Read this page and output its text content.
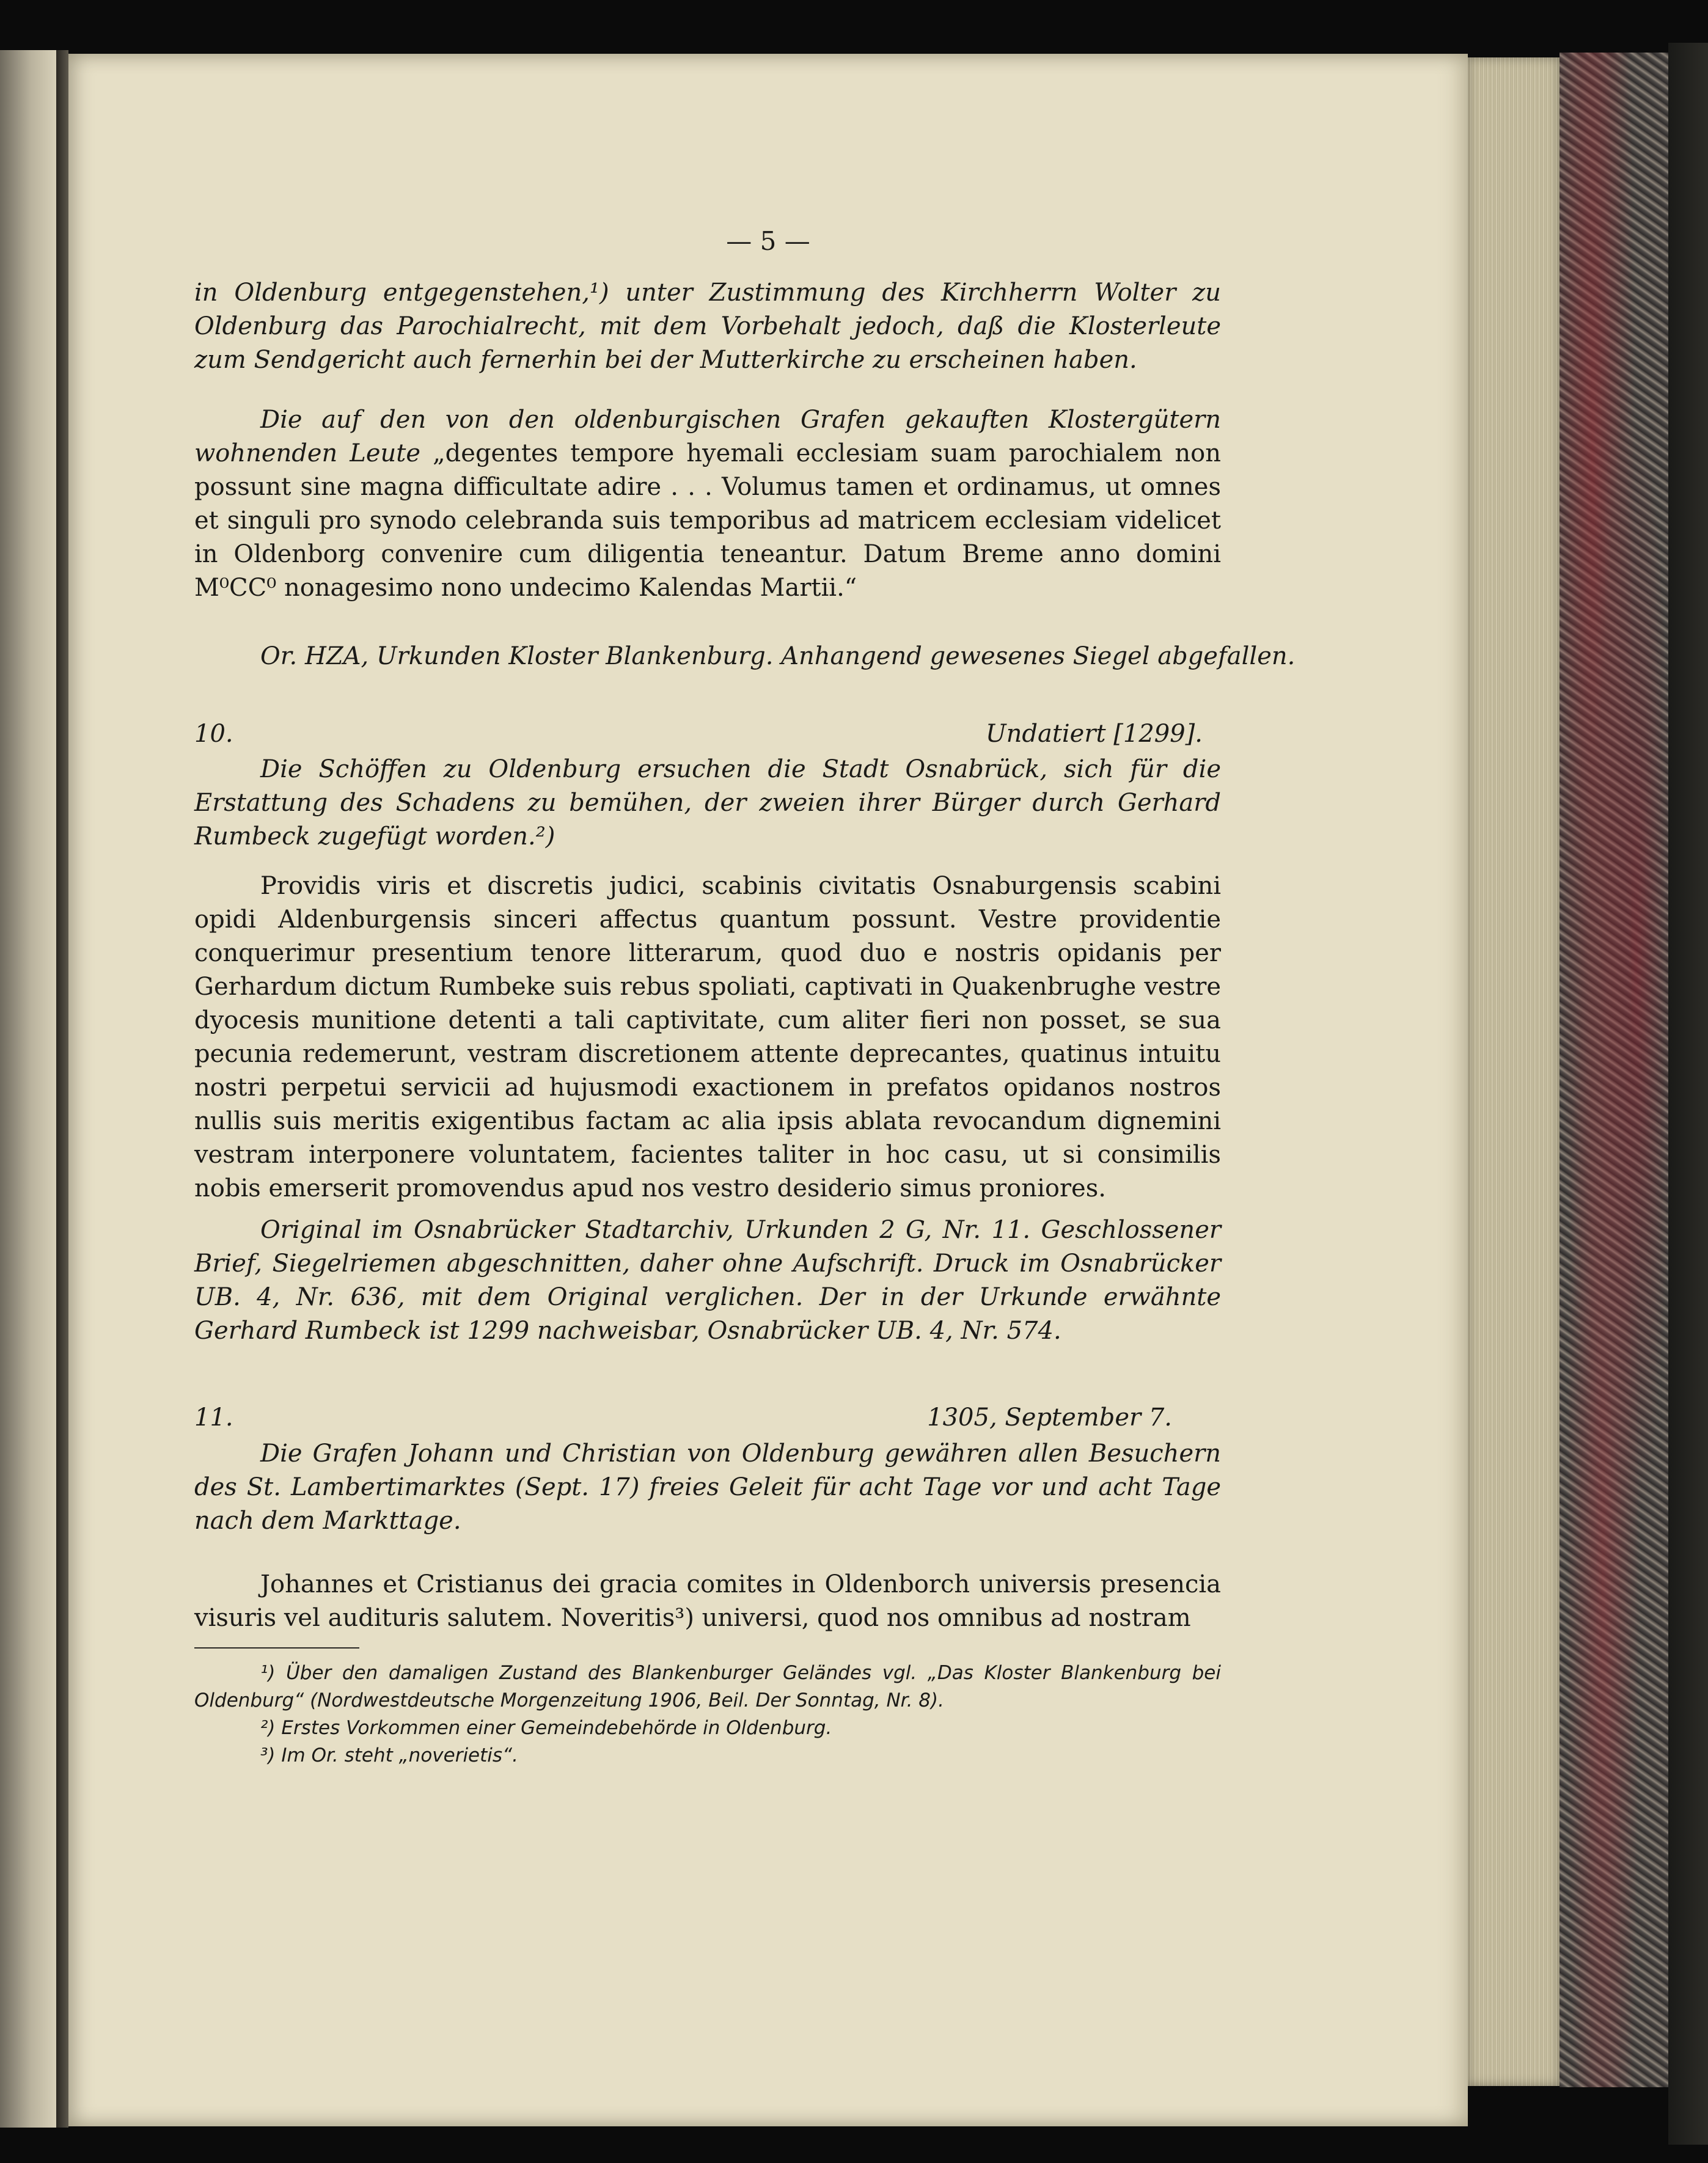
— 5 —

in Oldenburg entgegenstehen,¹) unter Zustimmung des Kirchherrn Wolter zu Oldenburg das Parochialrecht, mit dem Vorbehalt jedoch, daß die Klosterleute zum Sendgericht auch fernerhin bei der Mutterkirche zu erscheinen haben.

Die auf den von den oldenburgischen Grafen gekauften Klostergütern wohnenden Leute „degentes tempore hyemali ecclesiam suam parochialem non possunt sine magna difficultate adire . . . Volumus tamen et ordinamus, ut omnes et singuli pro synodo celebranda suis temporibus ad matricem ecclesiam videlicet in Oldenborg convenire cum diligentia teneantur. Datum Breme anno domini M⁰CC⁰ nonagesimo nono undecimo Kalendas Martii.“

Or. HZA, Urkunden Kloster Blankenburg. Anhangend gewesenes Siegel abgefallen.

10.	Undatiert [1299].

Die Schöffen zu Oldenburg ersuchen die Stadt Osnabrück, sich für die Erstattung des Schadens zu bemühen, der zweien ihrer Bürger durch Gerhard Rumbeck zugefügt worden.²)

Providis viris et discretis judici, scabinis civitatis Osnaburgensis scabini opidi Aldenburgensis sinceri affectus quantum possunt. Vestre providentie conquerimur presentium tenore litterarum, quod duo e nostris opidanis per Gerhardum dictum Rumbeke suis rebus spoliati, captivati in Quakenbrughe vestre dyocesis munitione detenti a tali captivitate, cum aliter fieri non posset, se sua pecunia redemerunt, vestram discretionem attente deprecantes, quatinus intuitu nostri perpetui servicii ad hujusmodi exactionem in prefatos opidanos nostros nullis suis meritis exigentibus factam ac alia ipsis ablata revocandum dignemini vestram interponere voluntatem, facientes taliter in hoc casu, ut si consimilis nobis emerserit promovendus apud nos vestro desiderio simus proniores.

Original im Osnabrücker Stadtarchiv, Urkunden 2 G, Nr. 11. Geschlossener Brief, Siegelriemen abgeschnitten, daher ohne Aufschrift. Druck im Osnabrücker UB. 4, Nr. 636, mit dem Original verglichen. Der in der Urkunde erwähnte Gerhard Rumbeck ist 1299 nachweisbar, Osnabrücker UB. 4, Nr. 574.

11.	1305, September 7.

Die Grafen Johann und Christian von Oldenburg gewähren allen Besuchern des St. Lambertimarktes (Sept. 17) freies Geleit für acht Tage vor und acht Tage nach dem Markttage.

Johannes et Cristianus dei gracia comites in Oldenborch universis presencia visuris vel audituris salutem. Noveritis³) universi, quod nos omnibus ad nostram

¹) Über den damaligen Zustand des Blankenburger Geländes vgl. „Das Kloster Blankenburg bei Oldenburg“ (Nordwestdeutsche Morgenzeitung 1906, Beil. Der Sonntag, Nr. 8).

²) Erstes Vorkommen einer Gemeindebehörde in Oldenburg.

³) Im Or. steht „noverietis“.
